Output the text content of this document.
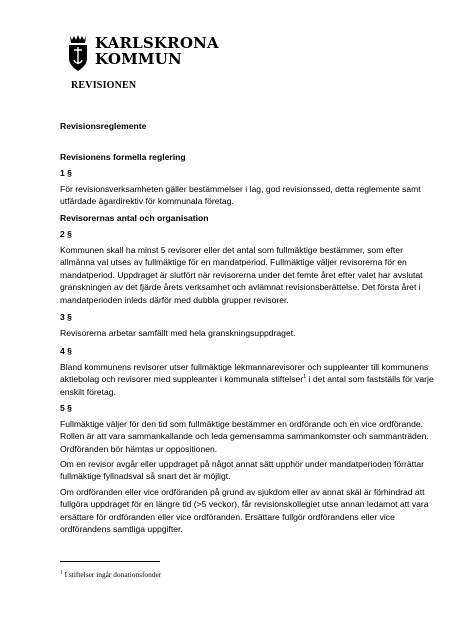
KARLSKRONA
KOMMUN
REVISIONEN
Revisionsreglemente
Revisionens formella reglering
1 §
För revisionsverksamheten gäller bestämmelser i lag, god revisionssed, detta reglemente samt
utfärdade ägardirektiv för kommunala företag.
Revisorernas antal och organisation
2 §
Kommunen skall ha minst 5 revisorer eller det antal som fullmäktige bestämmer, som efter
allmänna val utses av fullmäktige för en mandatperiod. Fullmäktige väljer revisorerna för en
mandatperiod. Uppdraget är slutfört när revisorerna under det femte året efter valet har avslutat
granskningen av det fjärde årets verksamhet och avlämnat revisionsberättelse. Det första året i
mandatperioden inleds därför med dubbla grupper revisorer.
3 §
Revisorerna arbetar samfällt med hela granskningsuppdraget.
4 §
Bland kommunens revisorer utser fullmäktige lekmannarevisorer och suppleanter till kommunens
aktiebolag och revisorer med suppleanter i kommunala stiftelser$^1$ i det antal som fastställs för varje
enskilt företag.
5 §
Fullmäktige väljer för den tid som fullmäktige bestämmer en ordförande och en vice ordförande.
Rollen är att vara sammankallande och leda gemensamma sammankomster och sammanträden.
Ordföranden bör hämtas ur oppositionen.
Om en revisor avgår eller uppdraget på något annat sätt upphör under mandatperioden förrättar
fullmäktige fyllnadsval så snart det är möjligt.
Om ordföranden eller vice ordföranden på grund av sjukdom eller av annat skäl är förhindrad att
fullgöra uppdraget för en längre tid (>5 veckor), får revisionskollegiet utse annan ledamot att vara
ersättare för ordföranden eller vice ordföranden. Ersättare fullgör ordförandens eller vice
ordförandens samtliga uppgifter.
$^1$ I stiftelser ingår donationsfonder
